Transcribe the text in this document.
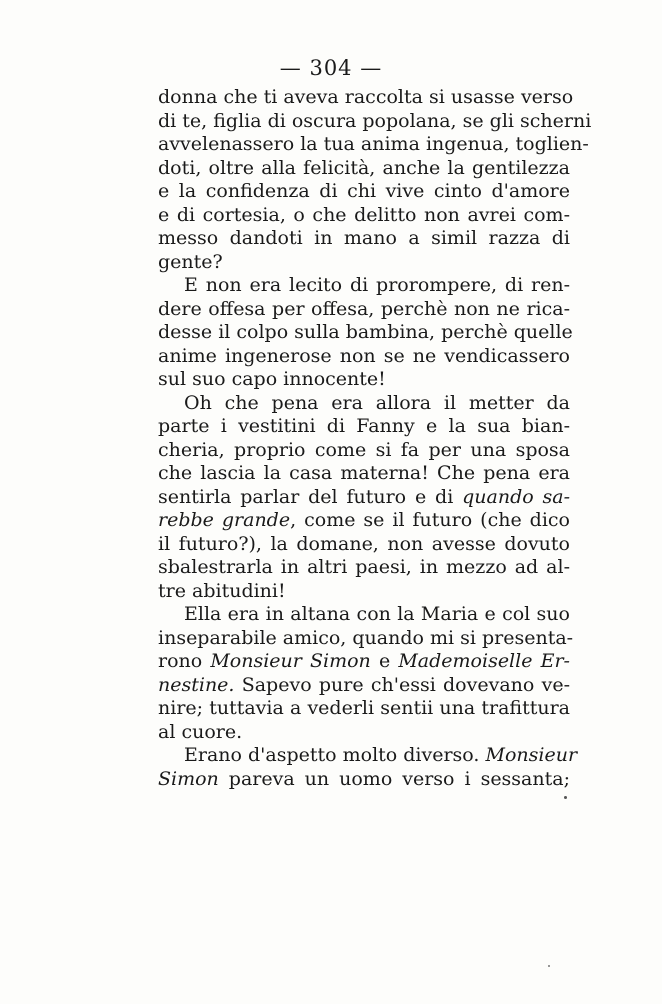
— 304 —
donna che ti aveva raccolta si usasse verso
di te, figlia di oscura popolana, se gli scherni
avvelenassero la tua anima ingenua, toglien-
doti, oltre alla felicità, anche la gentilezza
e la confidenza di chi vive cinto d'amore
e di cortesia, o che delitto non avrei com-
messo dandoti in mano a simil razza di
gente?
E non era lecito di prorompere, di ren-
dere offesa per offesa, perchè non ne rica-
desse il colpo sulla bambina, perchè quelle
anime ingenerose non se ne vendicassero
sul suo capo innocente!
Oh che pena era allora il metter da
parte i vestitini di Fanny e la sua bian-
cheria, proprio come si fa per una sposa
che lascia la casa materna! Che pena era
sentirla parlar del futuro e di quando sa-
rebbe grande, come se il futuro (che dico
il futuro?), la domane, non avesse dovuto
sbalestrarla in altri paesi, in mezzo ad al-
tre abitudini!
Ella era in altana con la Maria e col suo
inseparabile amico, quando mi si presenta-
rono Monsieur Simon e Mademoiselle Er-
nestine. Sapevo pure ch'essi dovevano ve-
nire; tuttavia a vederli sentii una trafittura
al cuore.
Erano d'aspetto molto diverso. Monsieur
Simon pareva un uomo verso i sessanta;
